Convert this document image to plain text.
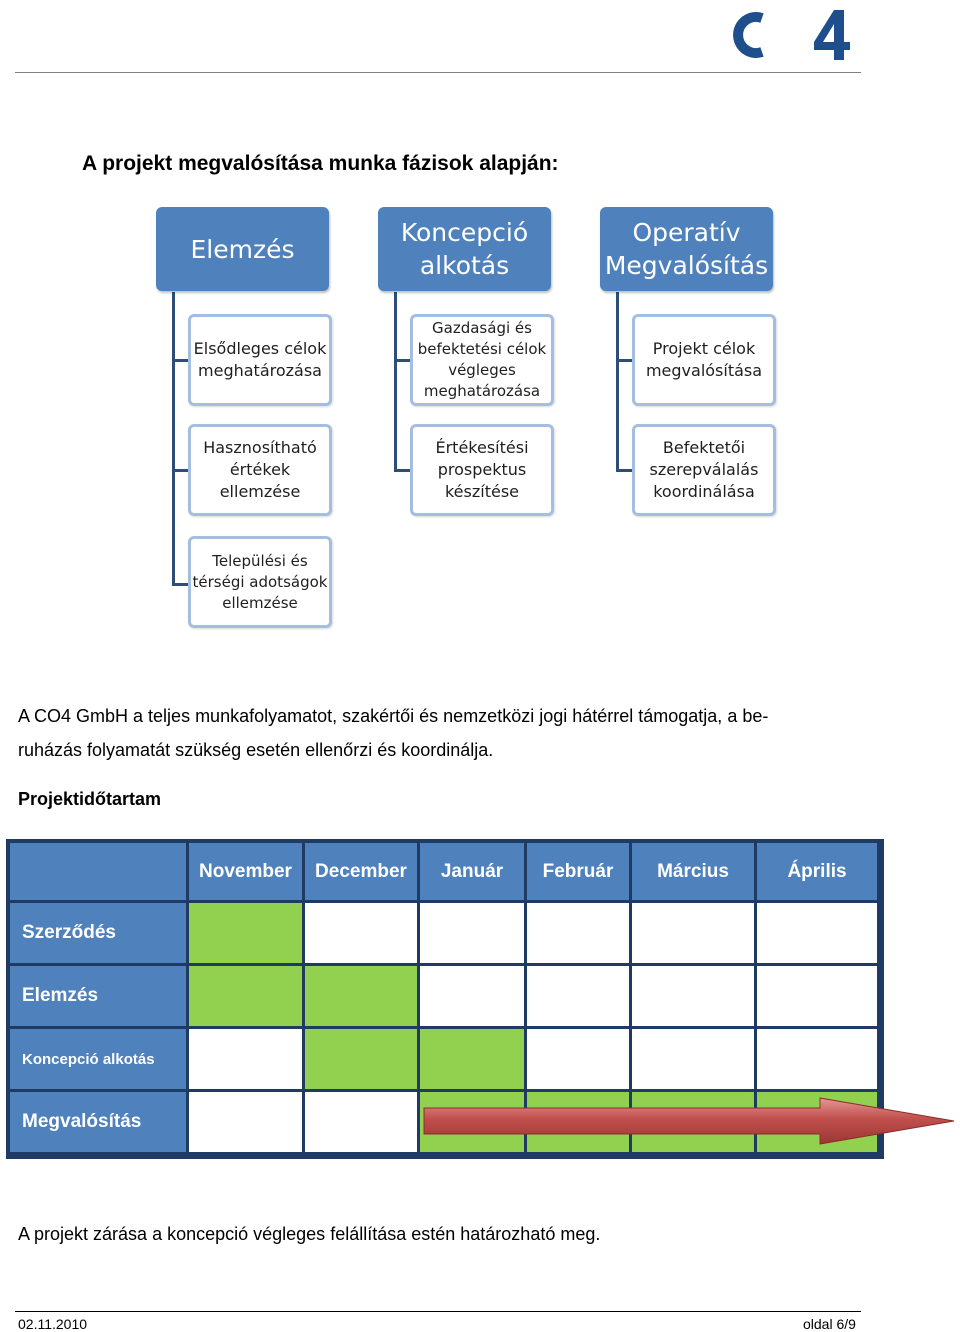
A projekt megvalósítása munka fázisok alapján:
Elemzés
Elsődleges célok meghatározása
Hasznosítható értékek ellemzése
Települési és térségi adotságok ellemzése
Koncepció alkotás
Gazdasági és befektetési célok végleges meghatározása
Értékesítési prospektus készítése
Operatív Megvalósítás
Projekt célok megvalósítása
Befektetői szerepválalás koordinálása
A CO4 GmbH a teljes munkafolyamatot, szakértői és nemzetközi jogi hátérrel támogatja, a be-
ruházás folyamatát szükség esetén ellenőrzi és koordinálja.
Projektidőtartam
November	December	Január	Február	Március	Április
Szerződés
Elemzés
Koncepció alkotás
Megvalósítás
A projekt zárása a koncepció végleges felállítása estén határozható meg.
02.11.2010	oldal 6/9
